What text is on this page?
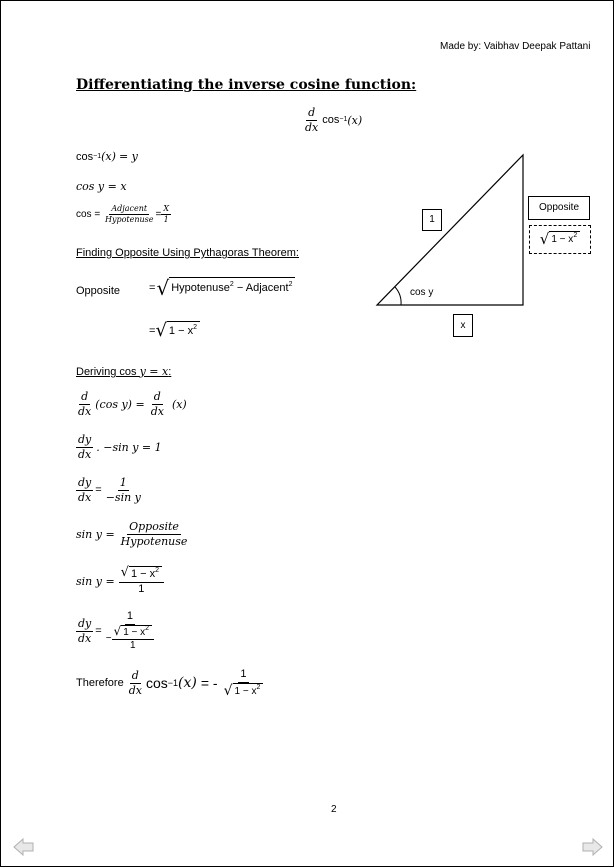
Made by: Vaibhav Deepak Pattani
Differentiating the inverse cosine function:
$\frac{d}{dx}$ cos −1 (x)
cos −1 (x)
= y
cos y = x
cos =
$\frac{\text{Adjacent}}{\text{Hypotenuse}} = \frac{X}{1}$
Finding Opposite Using Pythagoras Theorem:
Opposite	= √ Hypotenuse$^2$ − Adjacent$^2$
= √ $1 - x^2$
1
cos y
x
Opposite
√ $1 - x^2$
Deriving cos y = x:
$\frac{d}{dx} (\cos$ $y) = \frac{d}{dx} (x)$
$\frac{dy}{dx}$ . −sin y = 1
$\frac{dy}{dx} = \frac{1}{\text{−sin y}}$
$\sin y = \frac{\text{Opposite}}{\text{Hypotenuse}}$
$\sin y = \frac{√ 1 - x^2}{1}$
$\frac{dy}{dx} = \frac{1}{- \frac{√ 1 - x^2}{1}}$
Therefore $\frac{d}{dx}$ cos −1 (x) = - $\frac{1}{√ 1 - x^2}$
2
